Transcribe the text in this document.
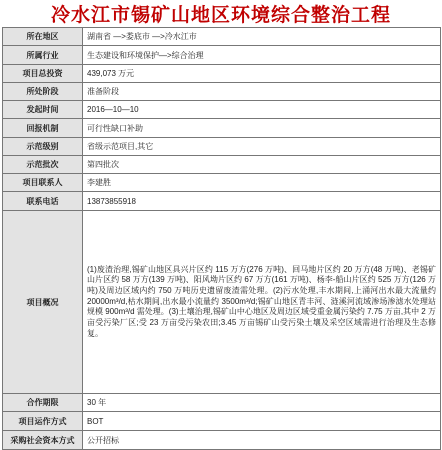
冷水江市锡矿山地区环境综合整治工程
所在地区	湖南省 —>娄底市 —>冷水江市
所属行业	生态建设和环境保护—>综合治理
项目总投资	439,073 万元
所处阶段	准备阶段
发起时间	2016—10—10
回报机制	可行性缺口补助
示范级别	省级示范项目,其它
示范批次	第四批次
项目联系人	李建胜
联系电话	13873855918
项目概况	(1)废渣治理,锡矿山地区具兴片区约 115 万方(276 万吨)、回马地片区约 20 万方(48 万吨)、老锡矿山片区约 58 万方(139 万吨)、阳风坳片区约 67 万方(161 万吨)、杨李-船山片区约 525 万方(126 万吨)及周边区域内约 750 万吨历史遗留废渣需处理。(2)污水处理,丰水期间,上涌河出水最大流量约 20000m³/d,枯水期间,出水最小流量约 3500m³/d;锡矿山地区青丰河、涟溪河流域渗场渗滤水处理站规模 900m³/d 需处理。(3)土壤治理,锡矿山中心地区及周边区域受重金属污染约 7.75 万亩,其中 2 万亩受污染厂区;受 23 万亩受污染农田;3.45 万亩锡矿山受污染土壤及采空区域需进行治理及生态修复。
合作期限	30 年
项目运作方式	BOT
采购社会资本方式	公开招标
